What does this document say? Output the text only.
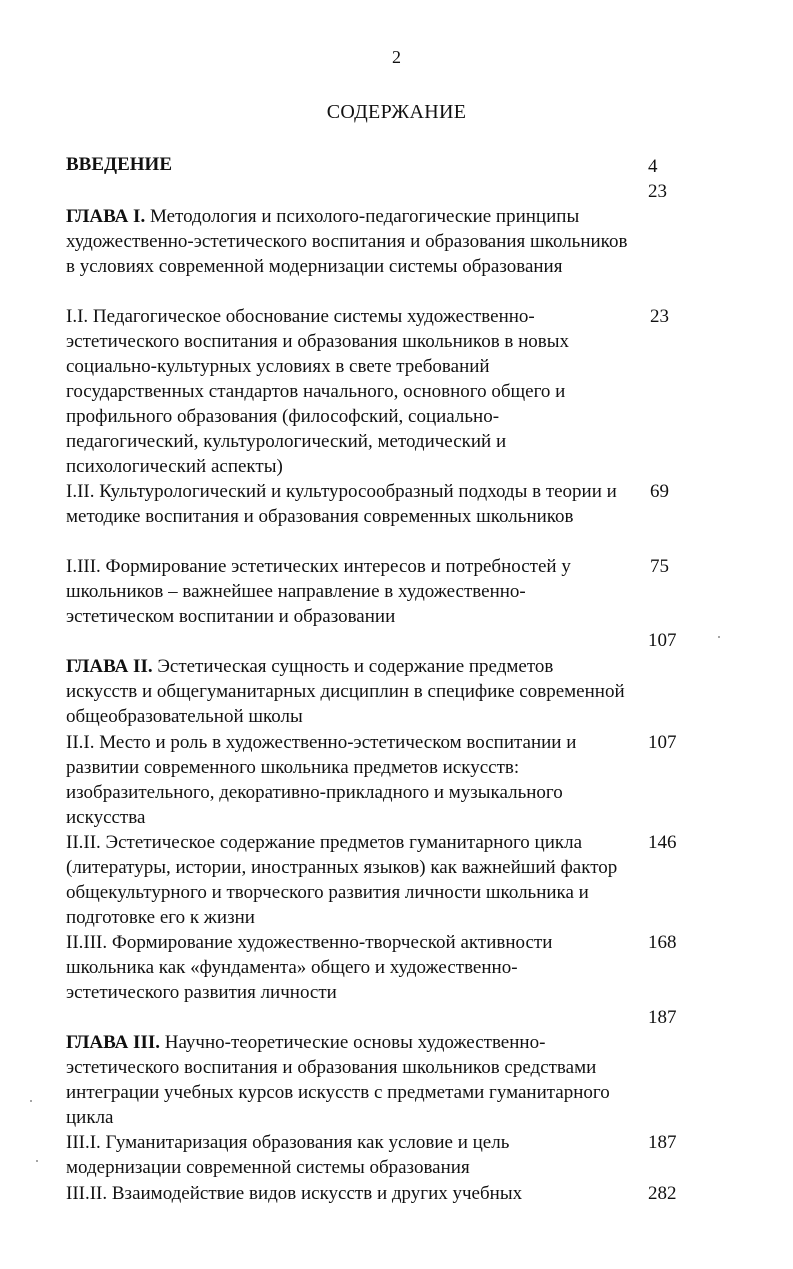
2
СОДЕРЖАНИЕ
ВВЕДЕНИЕ	4
23
ГЛАВА I. Методология и психолого-педагогические принципы художественно-эстетического воспитания и образования школьников в условиях современной модернизации системы образования
I.I. Педагогическое обоснование системы художественно-эстетического воспитания и образования школьников в новых социально-культурных условиях в свете требований государственных стандартов начального, основного общего и профильного образования (философский, социально-педагогический, культурологический, методический и психологический аспекты)
23
I.II. Культурологический и культуросообразный подходы в теории и методике воспитания и образования современных школьников
69
I.III. Формирование эстетических интересов и потребностей у школьников – важнейшее направление в художественно-эстетическом воспитании и образовании
75
107
ГЛАВА II. Эстетическая сущность и содержание предметов искусств и общегуманитарных дисциплин в специфике современной общеобразовательной школы
II.I. Место и роль в художественно-эстетическом воспитании и развитии современного школьника предметов искусств: изобразительного, декоративно-прикладного и музыкального искусства
107
II.II. Эстетическое содержание предметов гуманитарного цикла (литературы, истории, иностранных языков) как важнейший фактор общекультурного и творческого развития личности школьника и подготовке его к жизни
146
II.III. Формирование художественно-творческой активности школьника как «фундамента» общего и художественно-эстетического развития личности
168
187
ГЛАВА III. Научно-теоретические основы художественно-эстетического воспитания и образования школьников средствами интеграции учебных курсов искусств с предметами гуманитарного цикла
III.I. Гуманитаризация образования как условие и цель модернизации современной системы образования
187
III.II. Взаимодействие видов искусств и других учебных	282
